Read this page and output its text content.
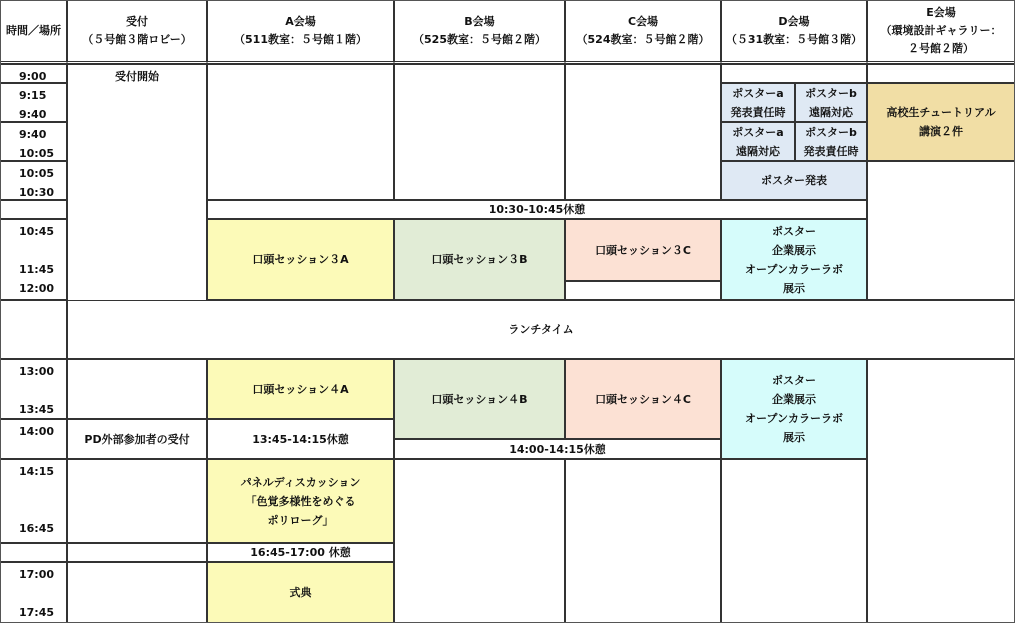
時間／場所
受付
（５号館３階ロビー）
A会場
（511教室：５号館１階）
B会場
（525教室：５号館２階）
C会場
（524教室：５号館２階）
D会場
（５31教室：５号館３階）
E会場
（環境設計ギャラリー：
２号館２階）
9:00
9:15
9:40
9:40
10:05
10:05
10:30
10:45

11:45
12:00
13:00

13:45
14:00
14:15

16:45
17:00

17:45
受付開始
ランチタイム
PD外部参加者の受付
ポスターa
発表責任時
ポスターb
遠隔対応
ポスターa
遠隔対応
ポスターb
発表責任時
ポスター発表
高校生チュートリアル
講演２件
10:30-10:45休憩
口頭セッション３A	口頭セッション３B
口頭セッション３C
ポスター
企業展示
オープンカラーラボ
展示
口頭セッション４A
13:45-14:15休憩
口頭セッション４B	口頭セッション４C
14:00-14:15休憩
ポスター
企業展示
オープンカラーラボ
展示
パネルディスカッション
「色覚多様性をめぐる
ポリローグ」
16:45-17:00 休憩
式典
